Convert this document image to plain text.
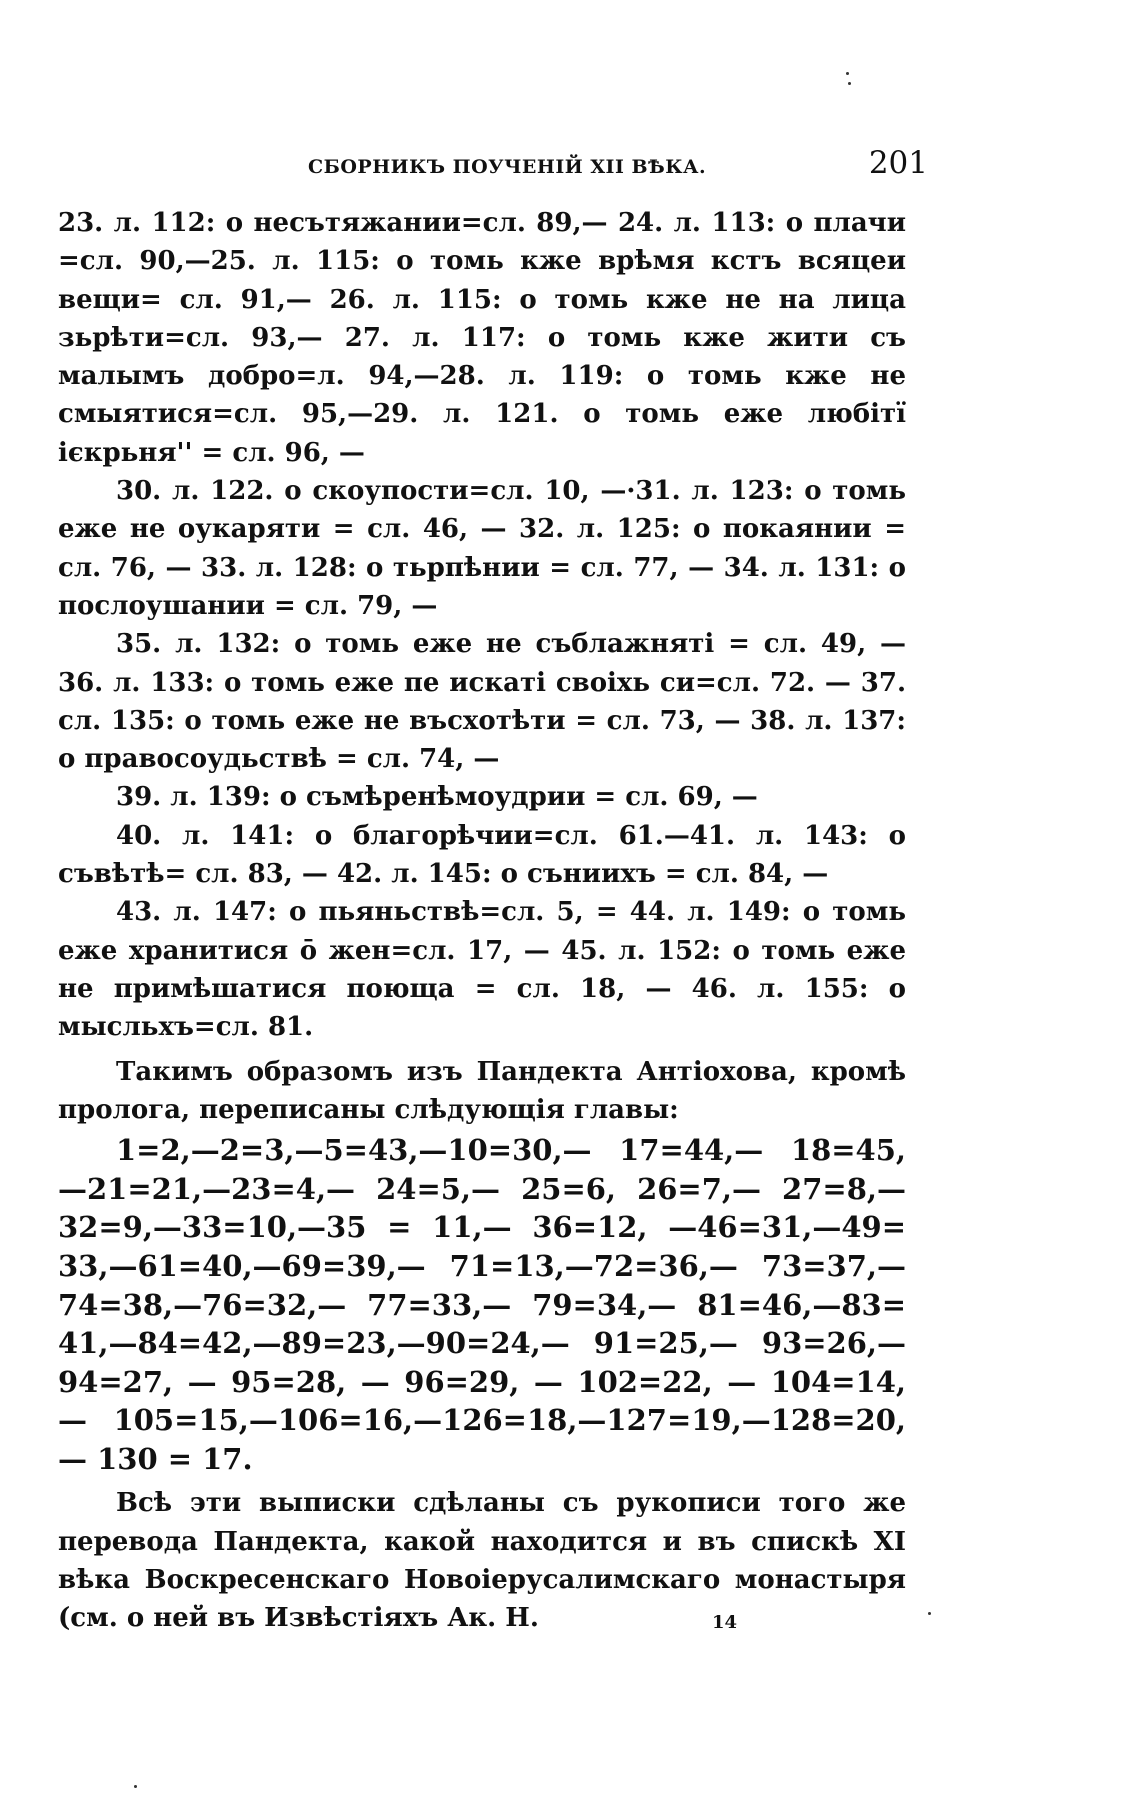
СБОРНИКЪ ПОУЧЕНІЙ XII ВѢКА.	201

23. л. 112: о несътяжании=сл. 89,— 24. л. 113: о плачи =сл. 90,—25. л. 115: о томь кже врѣмя кстъ всяцеи вещи= сл. 91,— 26. л. 115: о томь кже не на лица зьрѣти=сл. 93,— 27. л. 117: о томь кже жити съ малымъ добро=л. 94,—28. л. 119: о томь кже не смыятися=сл. 95,—29. л. 121. о томь еже любітї ієкрьня'' = сл. 96, —

30. л. 122. о скоупости=сл. 10, —·31. л. 123: о томь еже не оукаряти = сл. 46, — 32. л. 125: о покаянии = сл. 76, — 33. л. 128: о тьрпѣнии = сл. 77, — 34. л. 131: о послоушании = сл. 79, —

35. л. 132: о томь еже не съблажняті = сл. 49, — 36. л. 133: о томь еже пе искаті своіхь си=сл. 72. — 37. сл. 135: о томь еже не въсхотѣти = сл. 73, — 38. л. 137: о правосоудьствѣ = сл. 74, —

39. л. 139: о съмѣренѣмоудрии = сл. 69, —

40. л. 141: о благорѣчии=сл. 61.—41. л. 143: о съвѣтѣ= сл. 83, — 42. л. 145: о съниихъ = сл. 84, —

43. л. 147: о пьяньствѣ=сл. 5, = 44. л. 149: о томь еже хранитися ō жен=сл. 17, — 45. л. 152: о томь еже не примѣшатися поюща = сл. 18, — 46. л. 155: о мысльхъ=сл. 81.

Такимъ образомъ изъ Пандекта Антіохова, кромѣ пролога, переписаны слѣдующія главы:

1=2,—2=3,—5=43,—10=30,— 17=44,— 18=45, —21=21,—23=4,— 24=5,— 25=6, 26=7,— 27=8,— 32=9,—33=10,—35 = 11,— 36=12, —46=31,—49= 33,—61=40,—69=39,— 71=13,—72=36,— 73=37,— 74=38,—76=32,— 77=33,— 79=34,— 81=46,—83= 41,—84=42,—89=23,—90=24,— 91=25,— 93=26,— 94=27, — 95=28, — 96=29, — 102=22, — 104=14, — 105=15,—106=16,—126=18,—127=19,—128=20,— 130 = 17.

Всѣ эти выписки сдѣланы съ рукописи того же перевода Пандекта, какой находится и въ спискѣ XI вѣка Воскресенскаго Новоіерусалимскаго монастыря (см. о ней въ Извѣстіяхъ Ак. Н.	14
